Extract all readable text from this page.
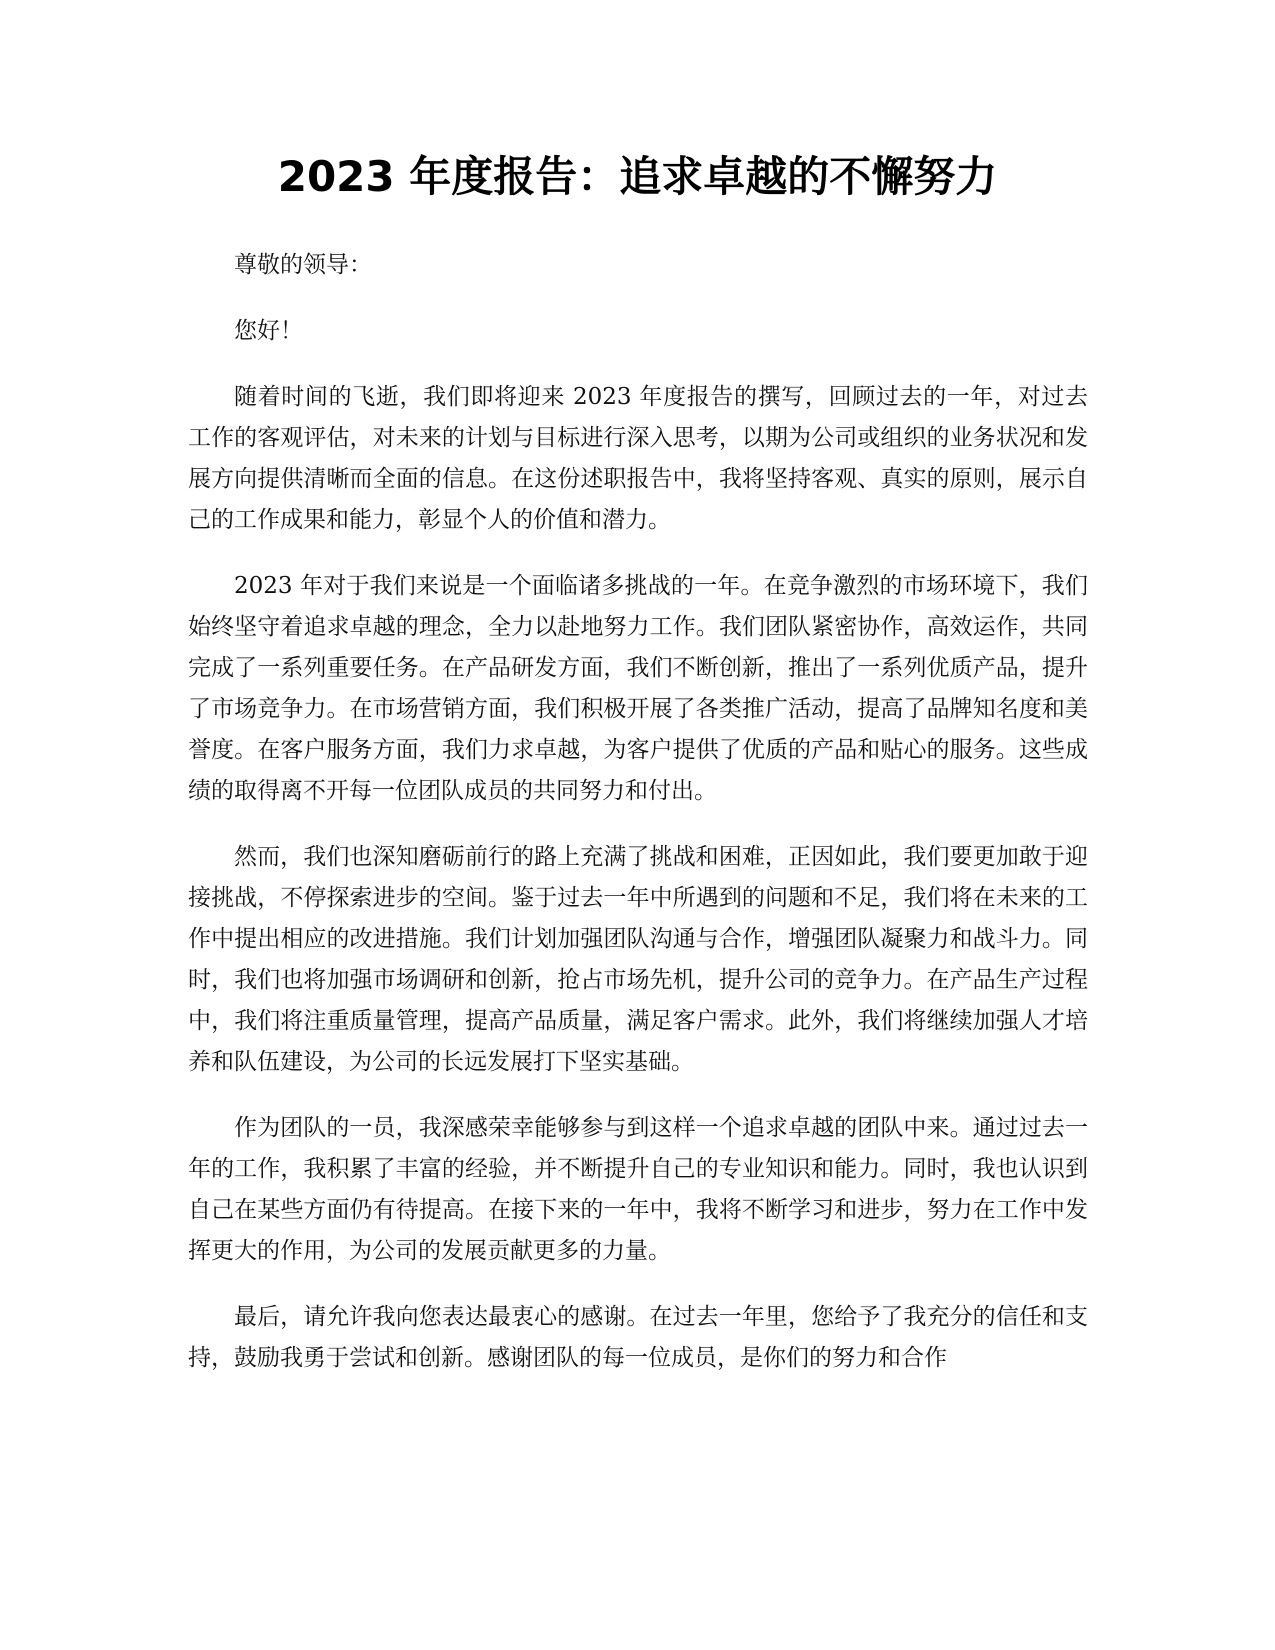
2023 年度报告：追求卓越的不懈努力

尊敬的领导：

您好！

随着时间的飞逝，我们即将迎来 2023 年度报告的撰写，回顾过去的一年，对过去工作的客观评估，对未来的计划与目标进行深入思考，以期为公司或组织的业务状况和发展方向提供清晰而全面的信息。在这份述职报告中，我将坚持客观、真实的原则，展示自己的工作成果和能力，彰显个人的价值和潜力。

2023 年对于我们来说是一个面临诸多挑战的一年。在竞争激烈的市场环境下，我们始终坚守着追求卓越的理念，全力以赴地努力工作。我们团队紧密协作，高效运作，共同完成了一系列重要任务。在产品研发方面，我们不断创新，推出了一系列优质产品，提升了市场竞争力。在市场营销方面，我们积极开展了各类推广活动，提高了品牌知名度和美誉度。在客户服务方面，我们力求卓越，为客户提供了优质的产品和贴心的服务。这些成绩的取得离不开每一位团队成员的共同努力和付出。

然而，我们也深知磨砺前行的路上充满了挑战和困难，正因如此，我们要更加敢于迎接挑战，不停探索进步的空间。鉴于过去一年中所遇到的问题和不足，我们将在未来的工作中提出相应的改进措施。我们计划加强团队沟通与合作，增强团队凝聚力和战斗力。同时，我们也将加强市场调研和创新，抢占市场先机，提升公司的竞争力。在产品生产过程中，我们将注重质量管理，提高产品质量，满足客户需求。此外，我们将继续加强人才培养和队伍建设，为公司的长远发展打下坚实基础。

作为团队的一员，我深感荣幸能够参与到这样一个追求卓越的团队中来。通过过去一年的工作，我积累了丰富的经验，并不断提升自己的专业知识和能力。同时，我也认识到自己在某些方面仍有待提高。在接下来的一年中，我将不断学习和进步，努力在工作中发挥更大的作用，为公司的发展贡献更多的力量。

最后，请允许我向您表达最衷心的感谢。在过去一年里，您给予了我充分的信任和支持，鼓励我勇于尝试和创新。感谢团队的每一位成员，是你们的努力和合作
